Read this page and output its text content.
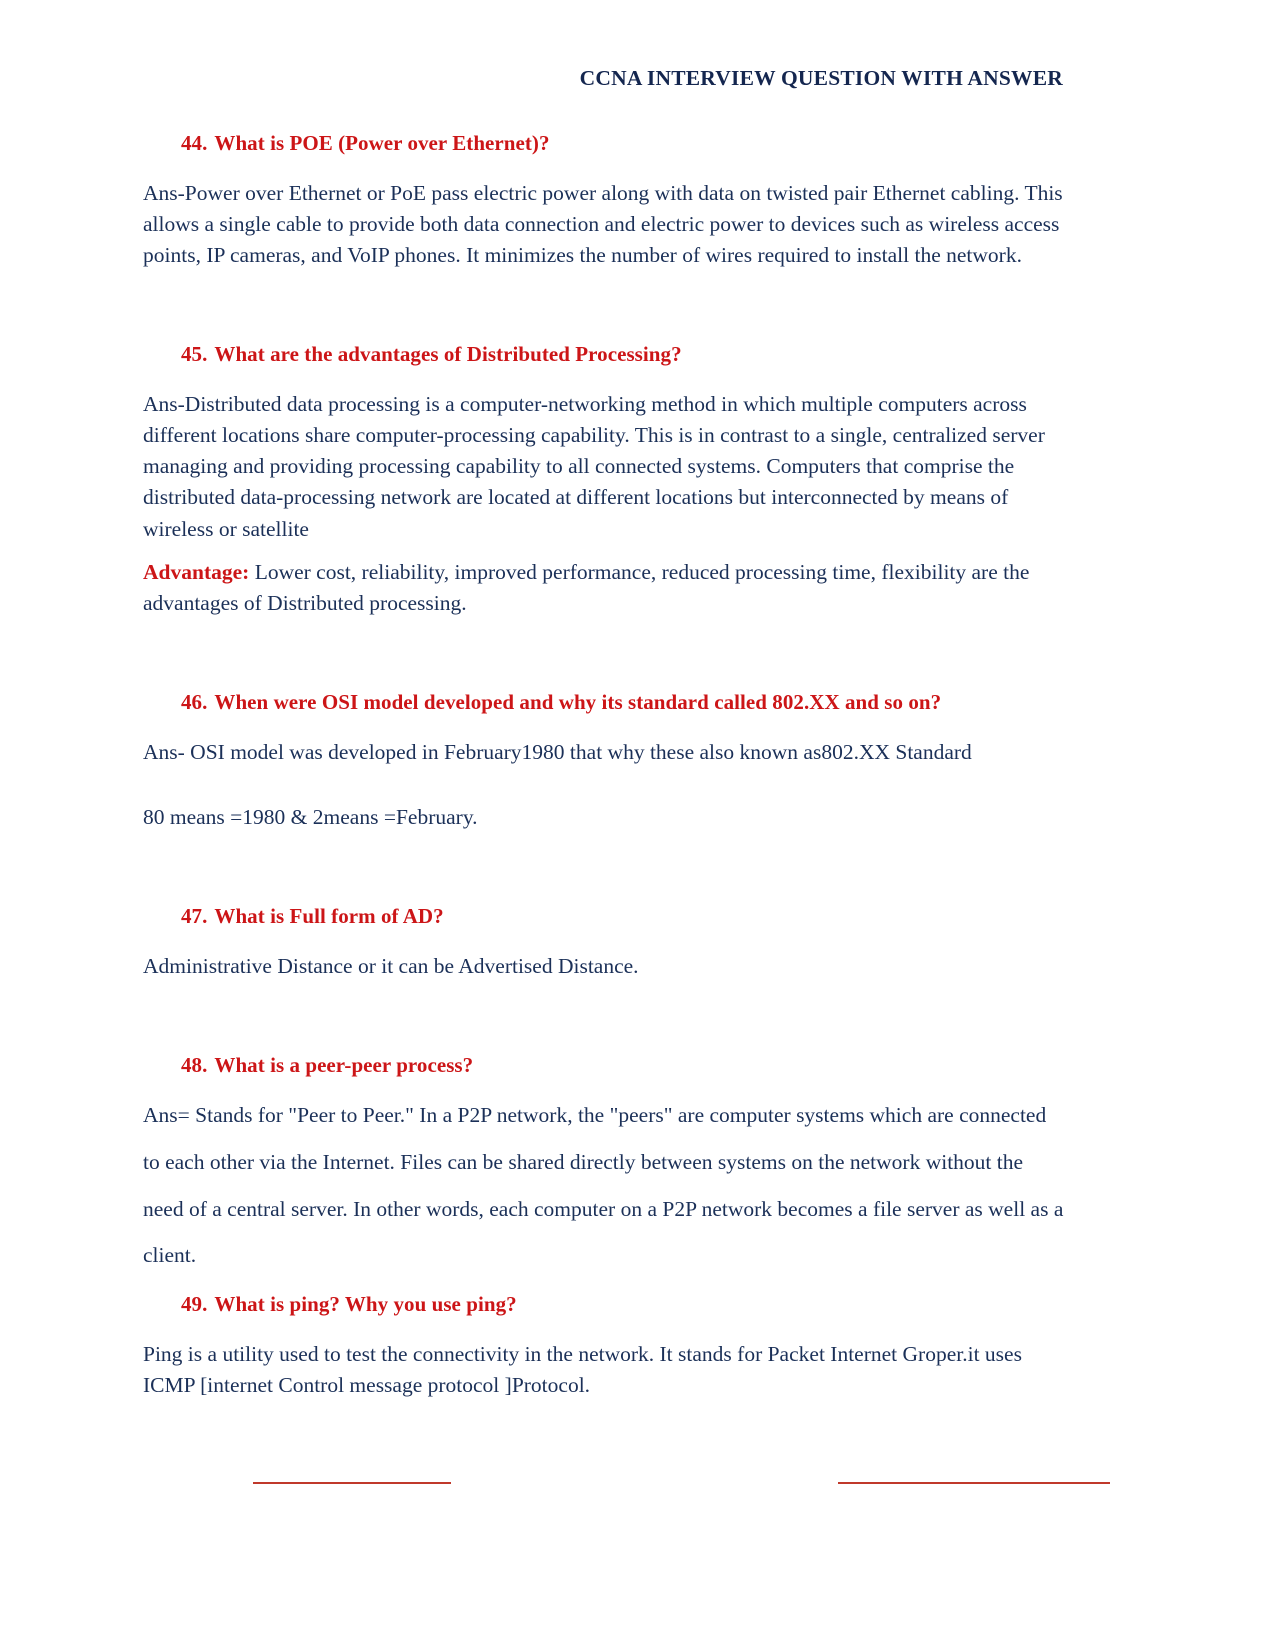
CCNA INTERVIEW QUESTION WITH ANSWER

44. What is POE (Power over Ethernet)?

Ans-Power over Ethernet or PoE pass electric power along with data on twisted pair Ethernet cabling. This allows a single cable to provide both data connection and electric power to devices such as wireless access points, IP cameras, and VoIP phones. It minimizes the number of wires required to install the network.

45. What are the advantages of Distributed Processing?

Ans-Distributed data processing is a computer-networking method in which multiple computers across different locations share computer-processing capability. This is in contrast to a single, centralized server managing and providing processing capability to all connected systems. Computers that comprise the distributed data-processing network are located at different locations but interconnected by means of wireless or satellite

Advantage: Lower cost, reliability, improved performance, reduced processing time, flexibility are the advantages of Distributed processing.

46. When were OSI model developed and why its standard called 802.XX and so on?

Ans- OSI model was developed in February1980 that why these also known as802.XX Standard

80 means =1980 & 2means =February.

47. What is Full form of AD?

Administrative Distance or it can be Advertised Distance.

48. What is a peer-peer process?

Ans= Stands for "Peer to Peer." In a P2P network, the "peers" are computer systems which are connected to each other via the Internet. Files can be shared directly between systems on the network without the need of a central server. In other words, each computer on a P2P network becomes a file server as well as a client.

49. What is ping? Why you use ping?

Ping is a utility used to test the connectivity in the network. It stands for Packet Internet Groper.it uses ICMP [internet Control message protocol ]Protocol.
